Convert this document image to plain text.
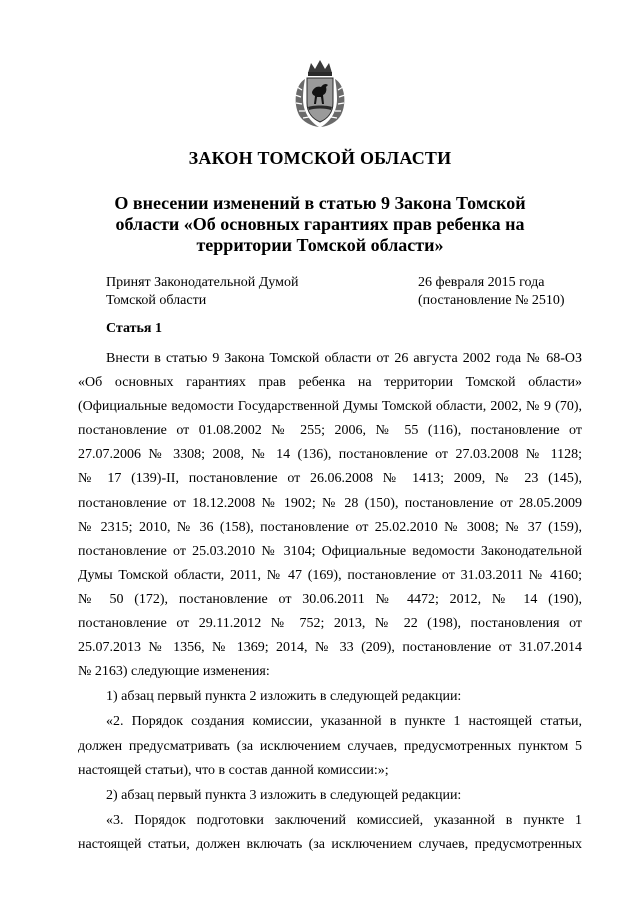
ЗАКОН ТОМСКОЙ ОБЛАСТИ
О внесении изменений в статью 9 Закона Томской
области «Об основных гарантиях прав ребенка на
территории Томской области»
Принят Законодательной Думой
Томской области
26 февраля 2015 года
(постановление № 2510)
Статья 1
Внести в статью 9 Закона Томской области от 26 августа 2002 года № 68-ОЗ
«Об основных гарантиях прав ребенка на территории Томской области»
(Официальные ведомости Государственной Думы Томской области, 2002, № 9 (70),
постановление от 01.08.2002 № 255; 2006, № 55 (116), постановление от
27.07.2006 № 3308; 2008, № 14 (136), постановление от 27.03.2008 № 1128;
№ 17 (139)-II, постановление от 26.06.2008 № 1413; 2009, № 23 (145),
постановление от 18.12.2008 № 1902; № 28 (150), постановление от 28.05.2009
№ 2315; 2010, № 36 (158), постановление от 25.02.2010 № 3008; № 37 (159),
постановление от 25.03.2010 № 3104; Официальные ведомости Законодательной
Думы Томской области, 2011, № 47 (169), постановление от 31.03.2011 № 4160;
№ 50 (172), постановление от 30.06.2011 № 4472; 2012, № 14 (190),
постановление от 29.11.2012 № 752; 2013, № 22 (198), постановления от
25.07.2013 № 1356, № 1369; 2014, № 33 (209), постановление от 31.07.2014
№ 2163) следующие изменения:
1) абзац первый пункта 2 изложить в следующей редакции:
«2. Порядок создания комиссии, указанной в пункте 1 настоящей статьи,
должен предусматривать (за исключением случаев, предусмотренных пунктом 5
настоящей статьи), что в состав данной комиссии:»;
2) абзац первый пункта 3 изложить в следующей редакции:
«3. Порядок подготовки заключений комиссией, указанной в пункте 1
настоящей статьи, должен включать (за исключением случаев, предусмотренных
